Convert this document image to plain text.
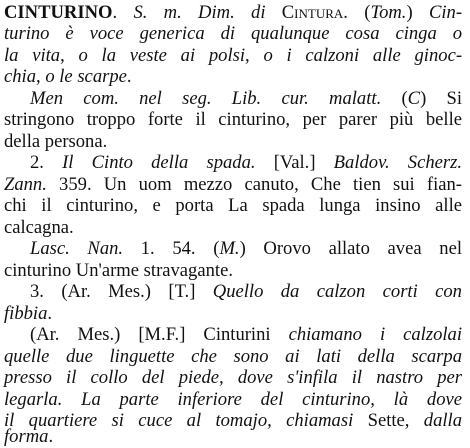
CINTURINO. S. m. Dim. di Cintura. (Tom.) Cin-
turino è voce generica di qualunque cosa cinga o
la vita, o la veste ai polsi, o i calzoni alle ginoc-
chia, o le scarpe.
Men com. nel seg. Lib. cur. malatt. (C) Si
stringono troppo forte il cinturino, per parer più belle
della persona.
2. Il Cinto della spada. [Val.] Baldov. Scherz.
Zann. 359. Un uom mezzo canuto, Che tien sui fian-
chi il cinturino, e porta La spada lunga insino alle
calcagna.
Lasc. Nan. 1. 54. (M.) Orovo allato avea nel
cinturino Un'arme stravagante.
3. (Ar. Mes.) [T.] Quello da calzon corti con
fibbia.
(Ar. Mes.) [M.F.] Cinturini chiamano i calzolai
quelle due linguette che sono ai lati della scarpa
presso il collo del piede, dove s'infila il nastro per
legarla. La parte inferiore del cinturino, là dove
il quartiere si cuce al tomajo, chiamasi Sette, dalla
forma.
